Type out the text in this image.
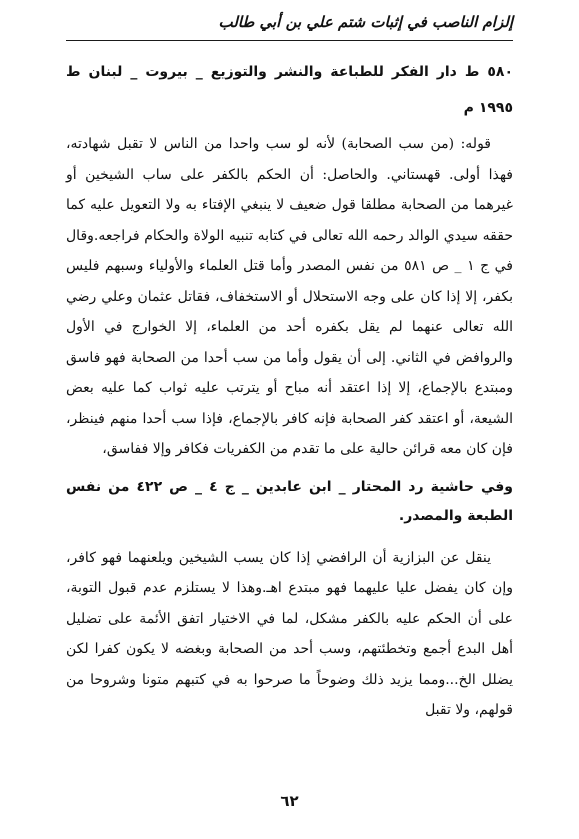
إلزام الناصب في إثبات شتم علي بن أبي طالب

٥٨٠ ط دار الفكر للطباعة والنشر والتوزيع _ بيروت _ لبنان ط ١٩٩٥ م

قوله: (من سب الصحابة) لأنه لو سب واحدا من الناس لا تقبل شهادته، فهذا أولى. قهستاني. والحاصل: أن الحكم بالكفر على ساب الشيخين أو غيرهما من الصحابة مطلقا قول ضعيف لا ينبغي الإفتاء به ولا التعويل عليه كما حققه سيدي الوالد رحمه الله تعالى في كتابه تنبيه الولاة والحكام فراجعه.وقال في ج ١ _ ص ٥٨١ من نفس المصدر وأما قتل العلماء والأولياء وسبهم فليس بكفر، إلا إذا كان على وجه الاستحلال أو الاستخفاف، فقاتل عثمان وعلي رضي الله تعالى عنهما لم يقل بكفره أحد من العلماء، إلا الخوارج في الأول والروافض في الثاني. إلى أن يقول وأما من سب أحدا من الصحابة فهو فاسق ومبتدع بالإجماع، إلا إذا اعتقد أنه مباح أو يترتب عليه ثواب كما عليه بعض الشيعة، أو اعتقد كفر الصحابة فإنه كافر بالإجماع، فإذا سب أحدا منهم فينظر، فإن كان معه قرائن حالية على ما تقدم من الكفريات فكافر وإلا ففاسق،

وفي حاشية رد المحتار _ ابن عابدين _ ج ٤ _ ص ٤٢٢ من نفس الطبعة والمصدر.

ينقل عن البزازية أن الرافضي إذا كان يسب الشيخين ويلعنهما فهو كافر، وإن كان يفضل عليا عليهما فهو مبتدع اهـ.وهذا لا يستلزم عدم قبول التوبة، على أن الحكم عليه بالكفر مشكل، لما في الاختيار اتفق الأئمة على تضليل أهل البدع أجمع وتخطئتهم، وسب أحد من الصحابة وبغضه لا يكون كفرا لكن يضلل الخ...ومما يزيد ذلك وضوحاً ما صرحوا به في كتبهم متونا وشروحا من قولهم، ولا تقبل

٦٢
